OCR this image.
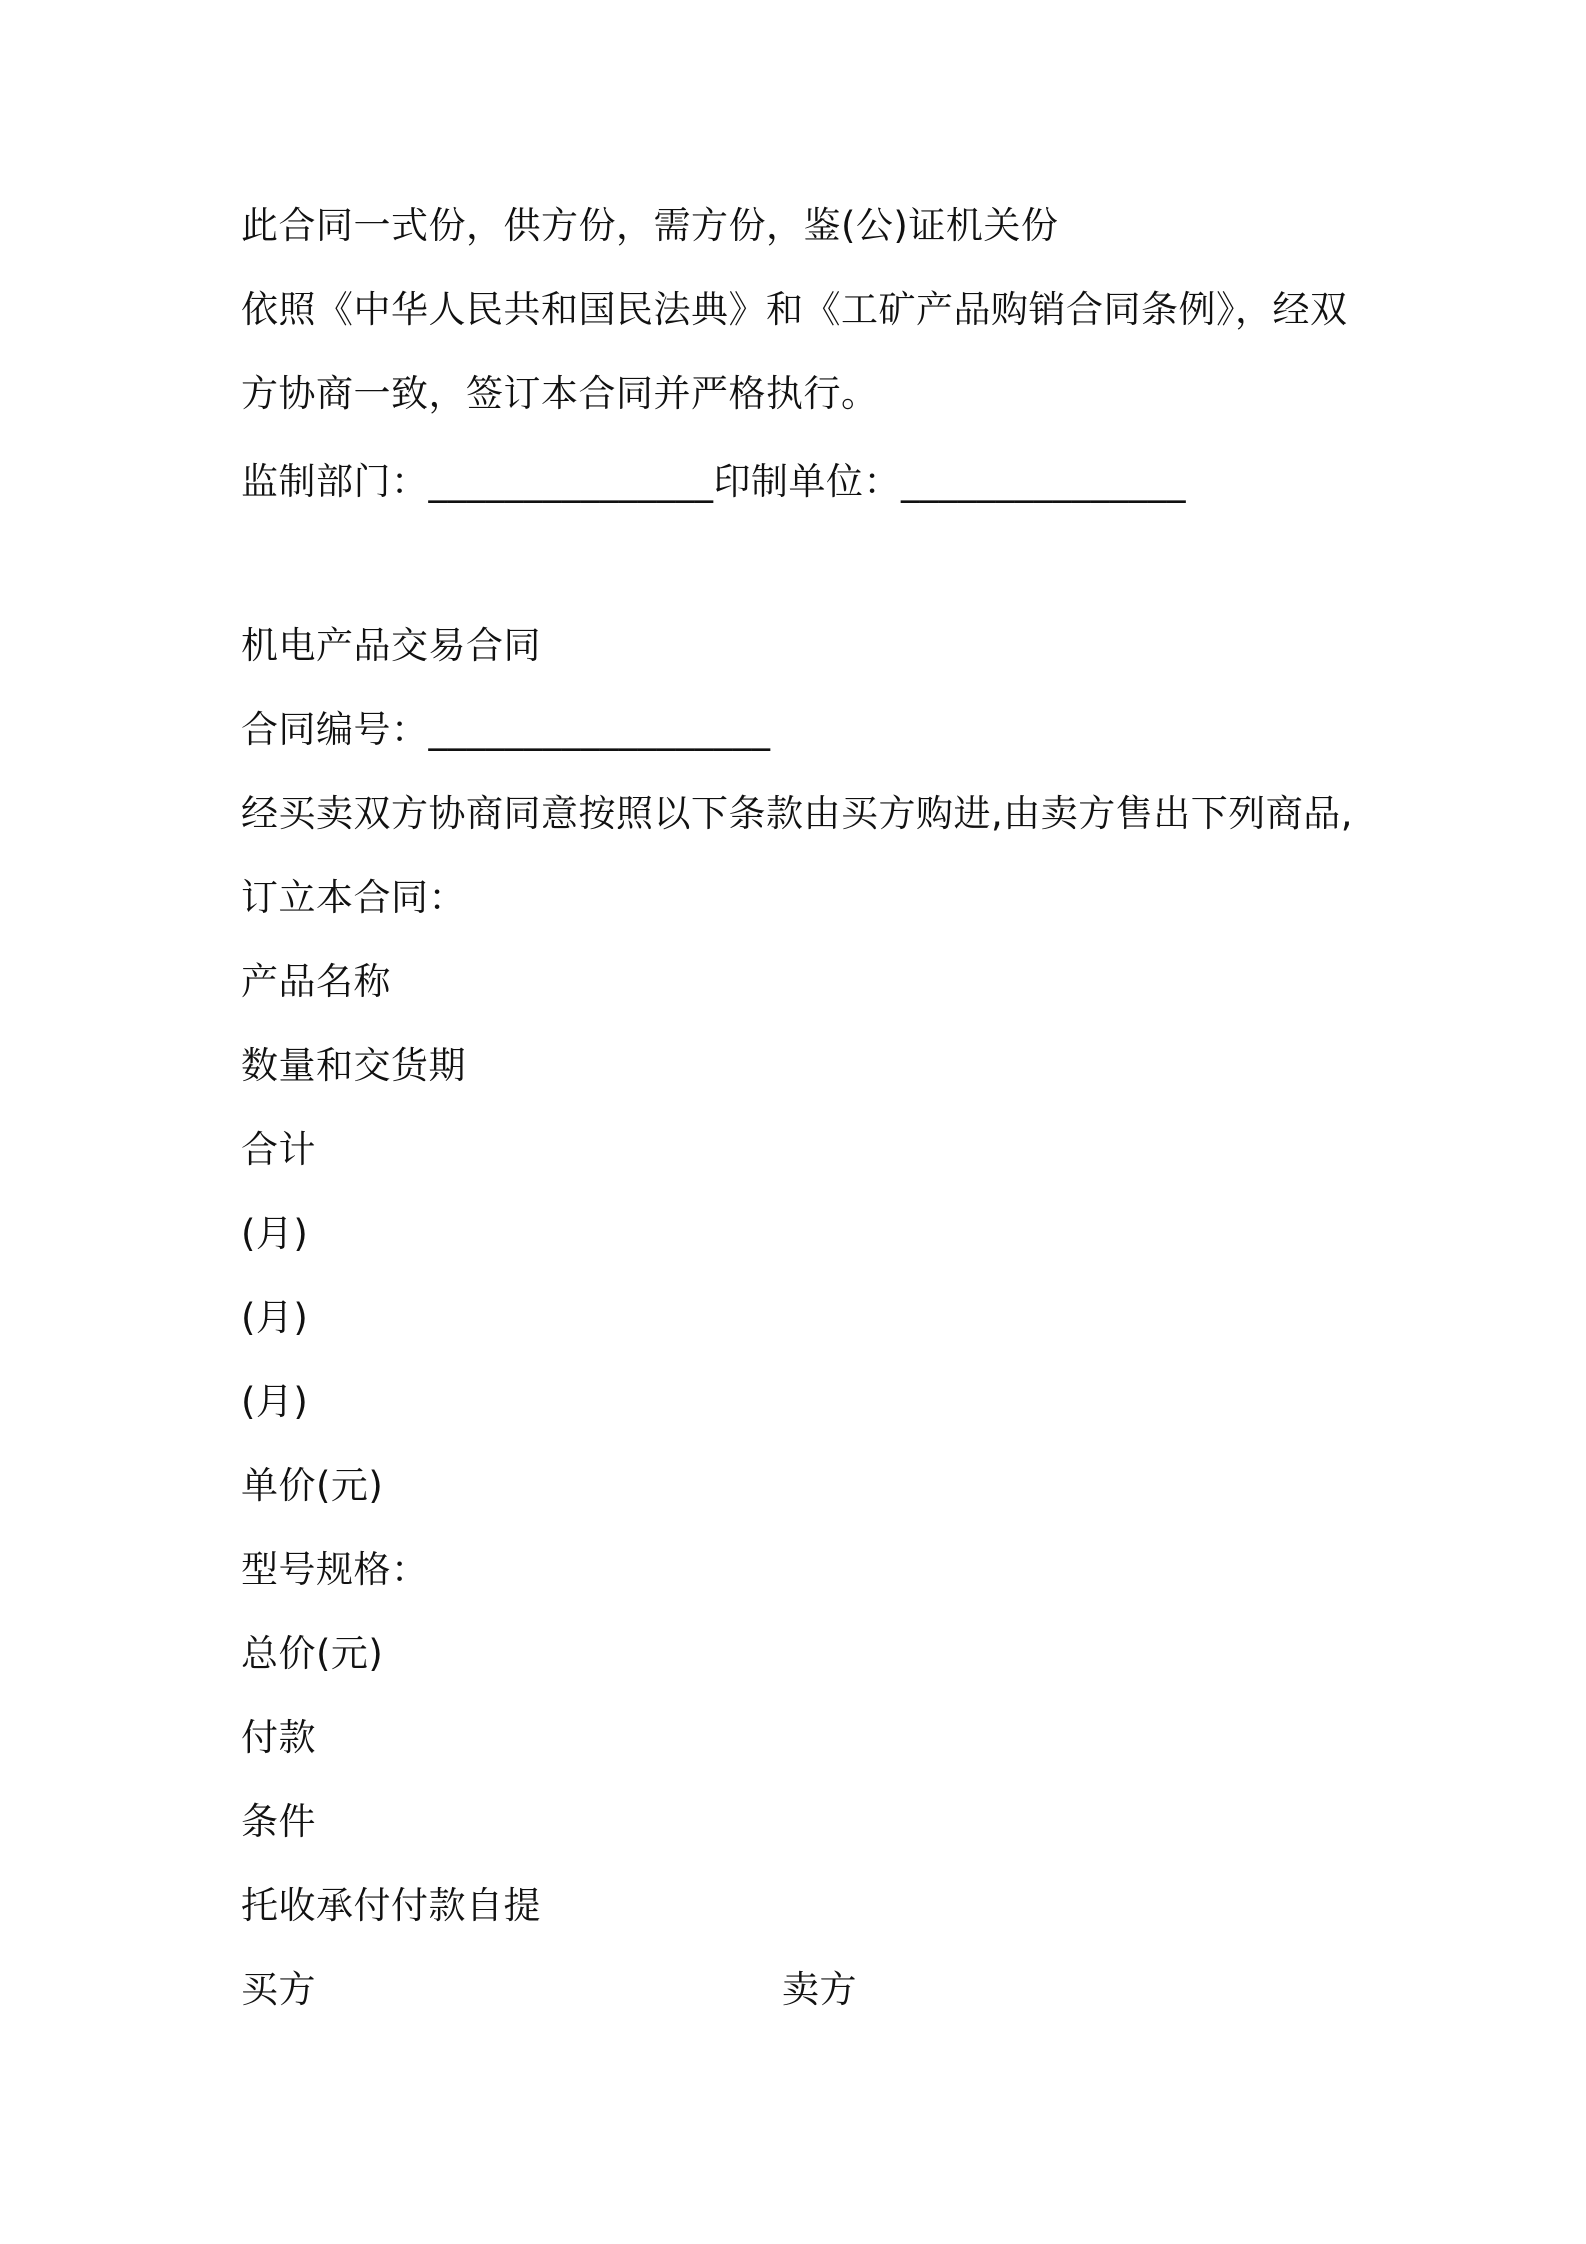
此合同一式份，供方份，需方份，鉴(公)证机关份
依照《中华人民共和国民法典》和《工矿产品购销合同条例》，经双
方协商一致，签订本合同并严格执行。
监制部门：_______________印制单位：_______________
机电产品交易合同
合同编号：__________________
经买卖双方协商同意按照以下条款由买方购进,由卖方售出下列商品,
订立本合同：
产品名称
数量和交货期
合计
(月)
(月)
(月)
单价(元)
型号规格：
总价(元)
付款
条件
托收承付付款自提
买方	卖方
